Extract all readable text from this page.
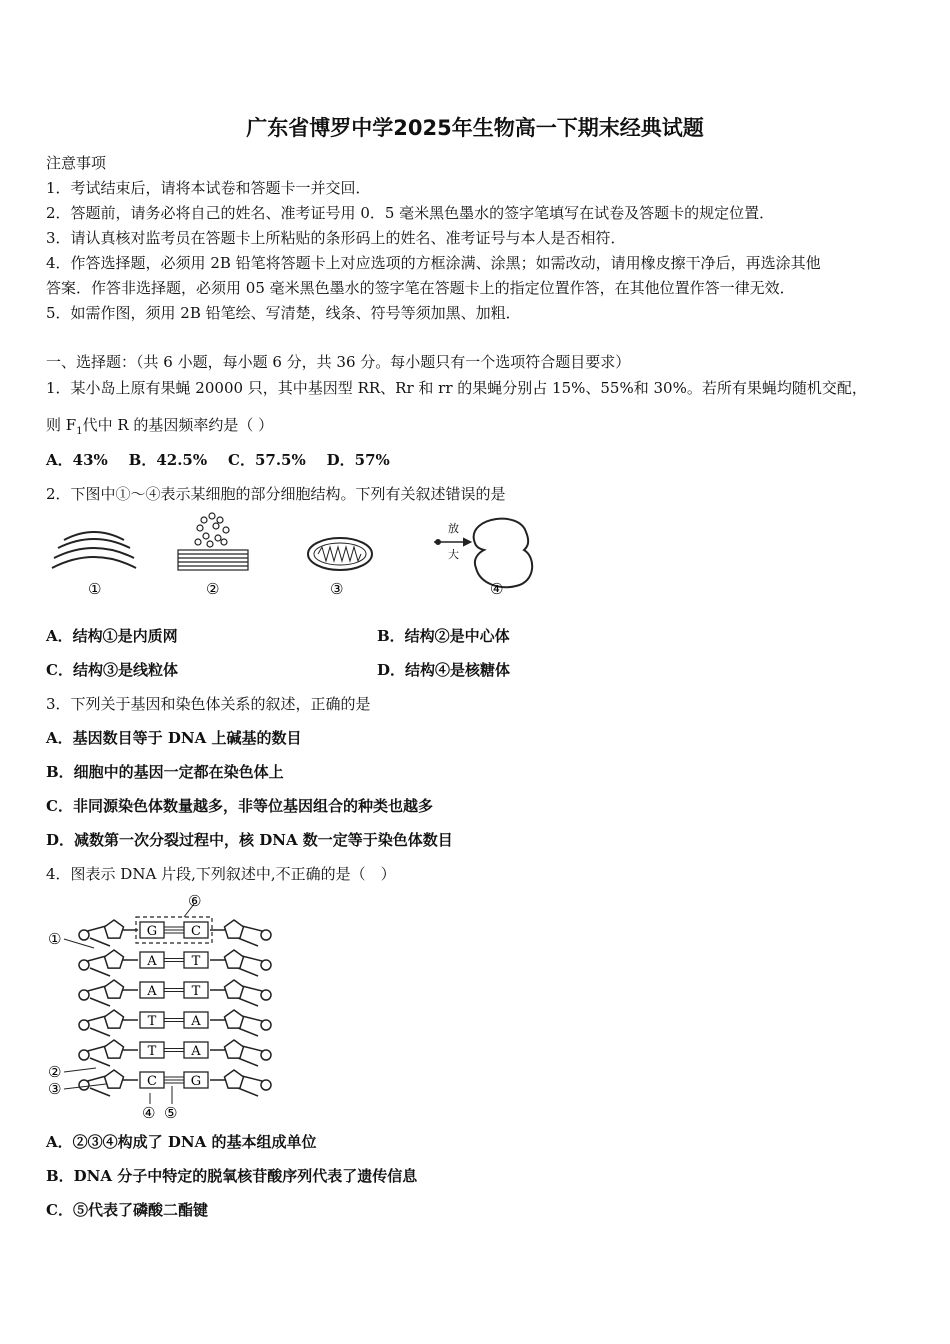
广东省博罗中学2025年生物高一下期末经典试题
注意事项
1．考试结束后，请将本试卷和答题卡一并交回．
2．答题前，请务必将自己的姓名、准考证号用 0．5 毫米黑色墨水的签字笔填写在试卷及答题卡的规定位置．
3．请认真核对监考员在答题卡上所粘贴的条形码上的姓名、准考证号与本人是否相符．
4．作答选择题，必须用 2B 铅笔将答题卡上对应选项的方框涂满、涂黑；如需改动，请用橡皮擦干净后，再选涂其他
答案．作答非选择题，必须用 05 毫米黑色墨水的签字笔在答题卡上的指定位置作答，在其他位置作答一律无效．
5．如需作图，须用 2B 铅笔绘、写清楚，线条、符号等须加黑、加粗．
一、选择题：（共 6 小题，每小题 6 分，共 36 分。每小题只有一个选项符合题目要求）
1．某小岛上原有果蝇 20000 只，其中基因型 RR、Rr 和 rr 的果蝇分别占 15%、55%和 30%。若所有果蝇均随机交配，
则 $F_1$代中 R 的基因频率约是（ ）
A．43%    B．42.5%    C．57.5%    D．57%
2．下图中①～④表示某细胞的部分细胞结构。下列有关叙述错误的是
放
大
①	②	③	④
A．结构①是内质网	B．结构②是中心体
C．结构③是线粒体	D．结构④是核糖体
3．下列关于基因和染色体关系的叙述，正确的是
A．基因数目等于 DNA 上碱基的数目
B．细胞中的基因一定都在染色体上
C．非同源染色体数量越多，非等位基因组合的种类也越多
D．减数第一次分裂过程中，核 DNA 数一定等于染色体数目
4．图表示 DNA 片段,下列叙述中,不正确的是（　）
G	C
A	T
A	T
T	A
T	A
C	G
⑥
①
②
③
④ ⑤
A．②③④构成了 DNA 的基本组成单位
B．DNA 分子中特定的脱氧核苷酸序列代表了遗传信息
C．⑤代表了磷酸二酯键
